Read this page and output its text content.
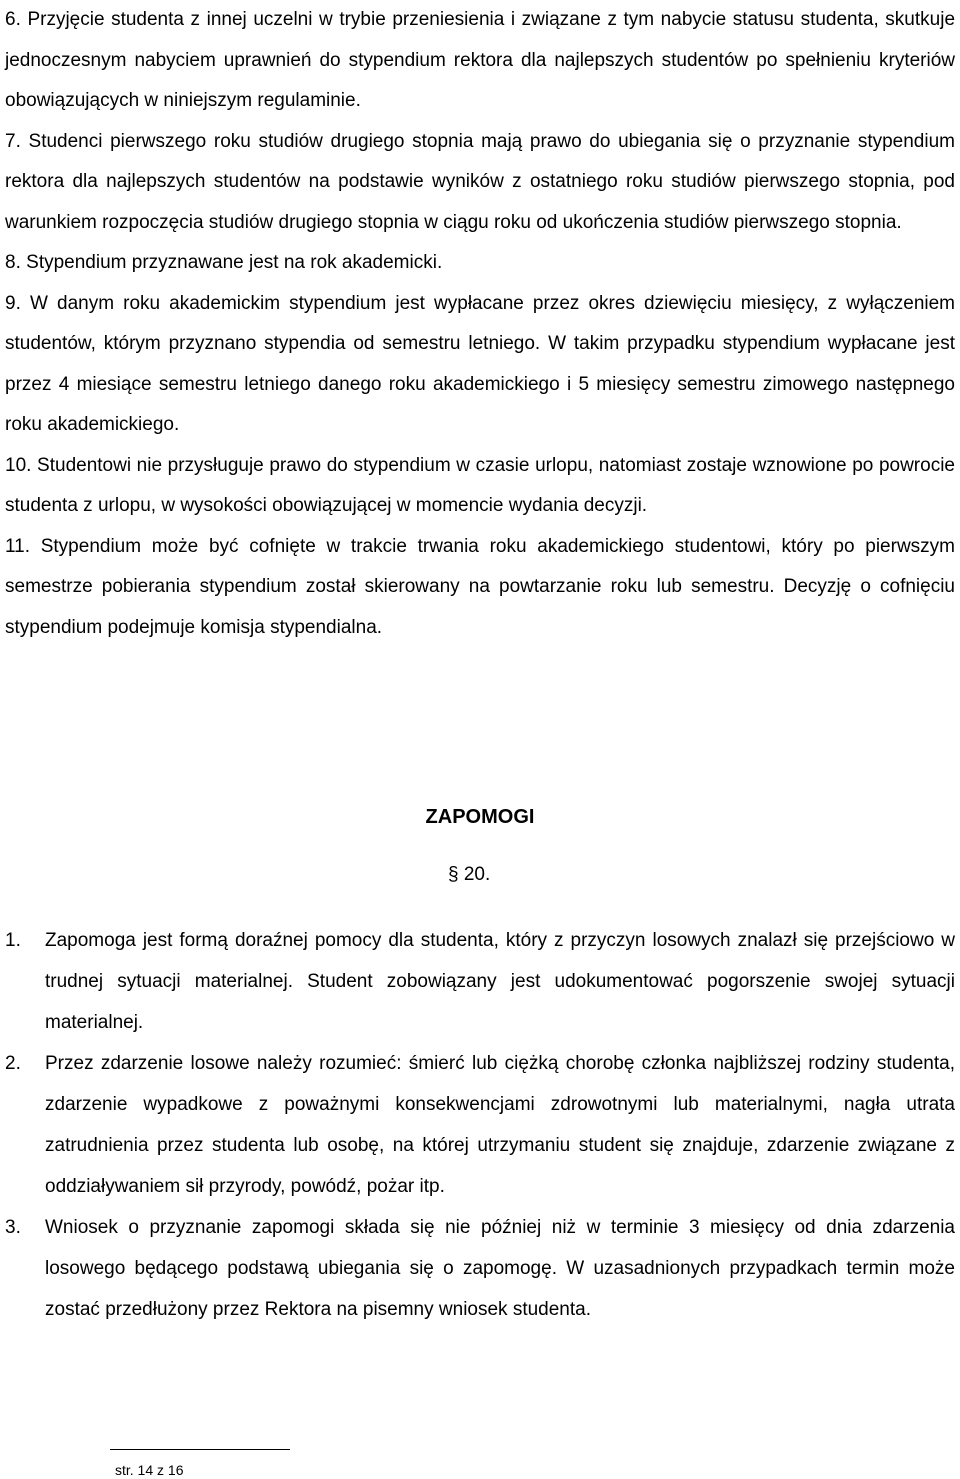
6. Przyjęcie studenta z innej uczelni w trybie przeniesienia i związane z tym nabycie statusu studenta, skutkuje jednoczesnym nabyciem uprawnień do stypendium rektora dla najlepszych studentów po spełnieniu kryteriów obowiązujących w niniejszym regulaminie.
7. Studenci pierwszego roku studiów drugiego stopnia mają prawo do ubiegania się o przyznanie stypendium rektora dla najlepszych studentów na podstawie wyników z ostatniego roku studiów pierwszego stopnia, pod warunkiem rozpoczęcia studiów drugiego stopnia w ciągu roku od ukończenia studiów pierwszego stopnia.
8. Stypendium przyznawane jest na rok akademicki.
9. W danym roku akademickim stypendium jest wypłacane przez okres dziewięciu miesięcy, z wyłączeniem studentów, którym przyznano stypendia od semestru letniego. W takim przypadku stypendium wypłacane jest przez 4 miesiące semestru letniego danego roku akademickiego i 5 miesięcy semestru zimowego następnego roku akademickiego.
10. Studentowi nie przysługuje prawo do stypendium w czasie urlopu, natomiast zostaje wznowione po powrocie studenta z urlopu, w wysokości obowiązującej w momencie wydania decyzji.
11. Stypendium może być cofnięte w trakcie trwania roku akademickiego studentowi, który po pierwszym semestrze pobierania stypendium został skierowany na powtarzanie roku lub semestru. Decyzję o cofnięciu stypendium podejmuje komisja stypendialna.
ZAPOMOGI
§ 20.
1.	Zapomoga jest formą doraźnej pomocy dla studenta, który z przyczyn losowych znalazł się przejściowo w trudnej sytuacji materialnej. Student zobowiązany jest udokumentować pogorszenie swojej sytuacji materialnej.
2.	Przez zdarzenie losowe należy rozumieć: śmierć lub ciężką chorobę członka najbliższej rodziny studenta, zdarzenie wypadkowe z poważnymi konsekwencjami zdrowotnymi lub materialnymi, nagła utrata zatrudnienia przez studenta lub osobę, na której utrzymaniu student się znajduje, zdarzenie związane z oddziaływaniem sił przyrody, powódź, pożar itp.
3.	Wniosek o przyznanie zapomogi składa się nie później niż w terminie 3 miesięcy od dnia zdarzenia losowego będącego podstawą ubiegania się o zapomogę. W uzasadnionych przypadkach termin może zostać przedłużony przez Rektora na pisemny wniosek studenta.
str. 14 z 16
